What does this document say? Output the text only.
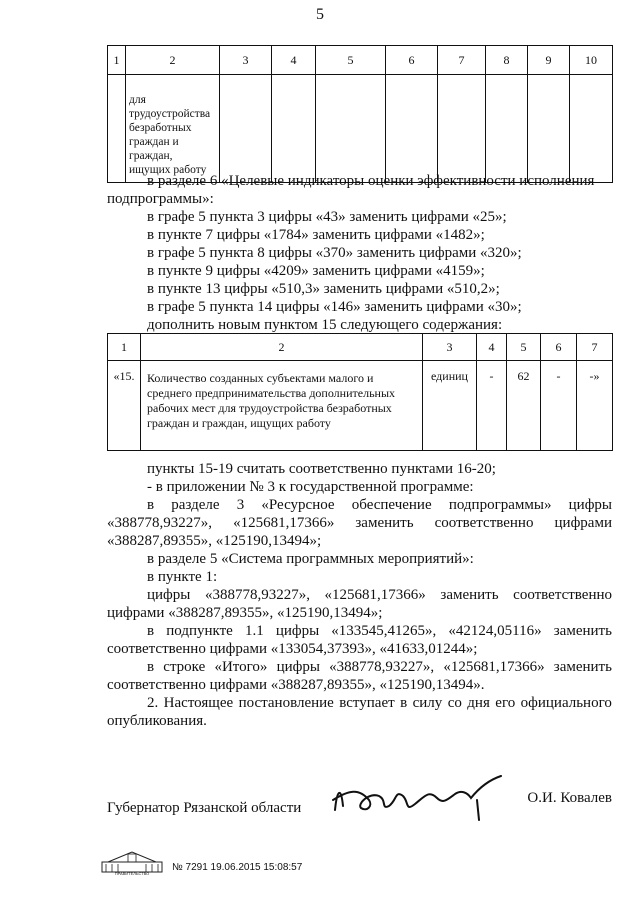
5
1	2	3	4	5	6	7	8	9	10
	для трудоустройства безработных граждан и граждан, ищущих работу								
в разделе 6 «Целевые индикаторы оценки эффективности исполнения
подпрограммы»:
в графе 5 пункта 3 цифры «43» заменить цифрами «25»;
в пункте 7 цифры «1784» заменить цифрами «1482»;
в графе 5 пункта 8 цифры «370» заменить цифрами «320»;
в пункте 9 цифры «4209» заменить цифрами «4159»;
в пункте 13 цифры «510,3» заменить цифрами «510,2»;
в графе 5 пункта 14 цифры «146» заменить цифрами «30»;
дополнить новым пунктом 15 следующего содержания:
1	2	3	4	5	6	7
«15.	Количество созданных субъектами малого и среднего предпринимательства дополнительных рабочих мест для трудоустройства безработных граждан и граждан, ищущих работу	единиц	-	62	-	-»
пункты 15-19 считать соответственно пунктами 16-20;
- в приложении № 3 к государственной программе:
в разделе 3 «Ресурсное обеспечение подпрограммы» цифры
«388778,93227», «125681,17366» заменить соответственно цифрами
«388287,89355», «125190,13494»;
в разделе 5 «Система программных мероприятий»:
в пункте 1:
цифры «388778,93227», «125681,17366» заменить соответственно
цифрами «388287,89355», «125190,13494»;
в подпункте 1.1 цифры «133545,41265», «42124,05116» заменить
соответственно цифрами «133054,37393», «41633,01244»;
в строке «Итого» цифры «388778,93227», «125681,17366» заменить
соответственно цифрами «388287,89355», «125190,13494».
2. Настоящее постановление вступает в силу со дня его официального
опубликования.
Губернатор Рязанской области
О.И. Ковалев
ПРАВИТЕЛЬСТВО
№ 7291 19.06.2015 15:08:57
